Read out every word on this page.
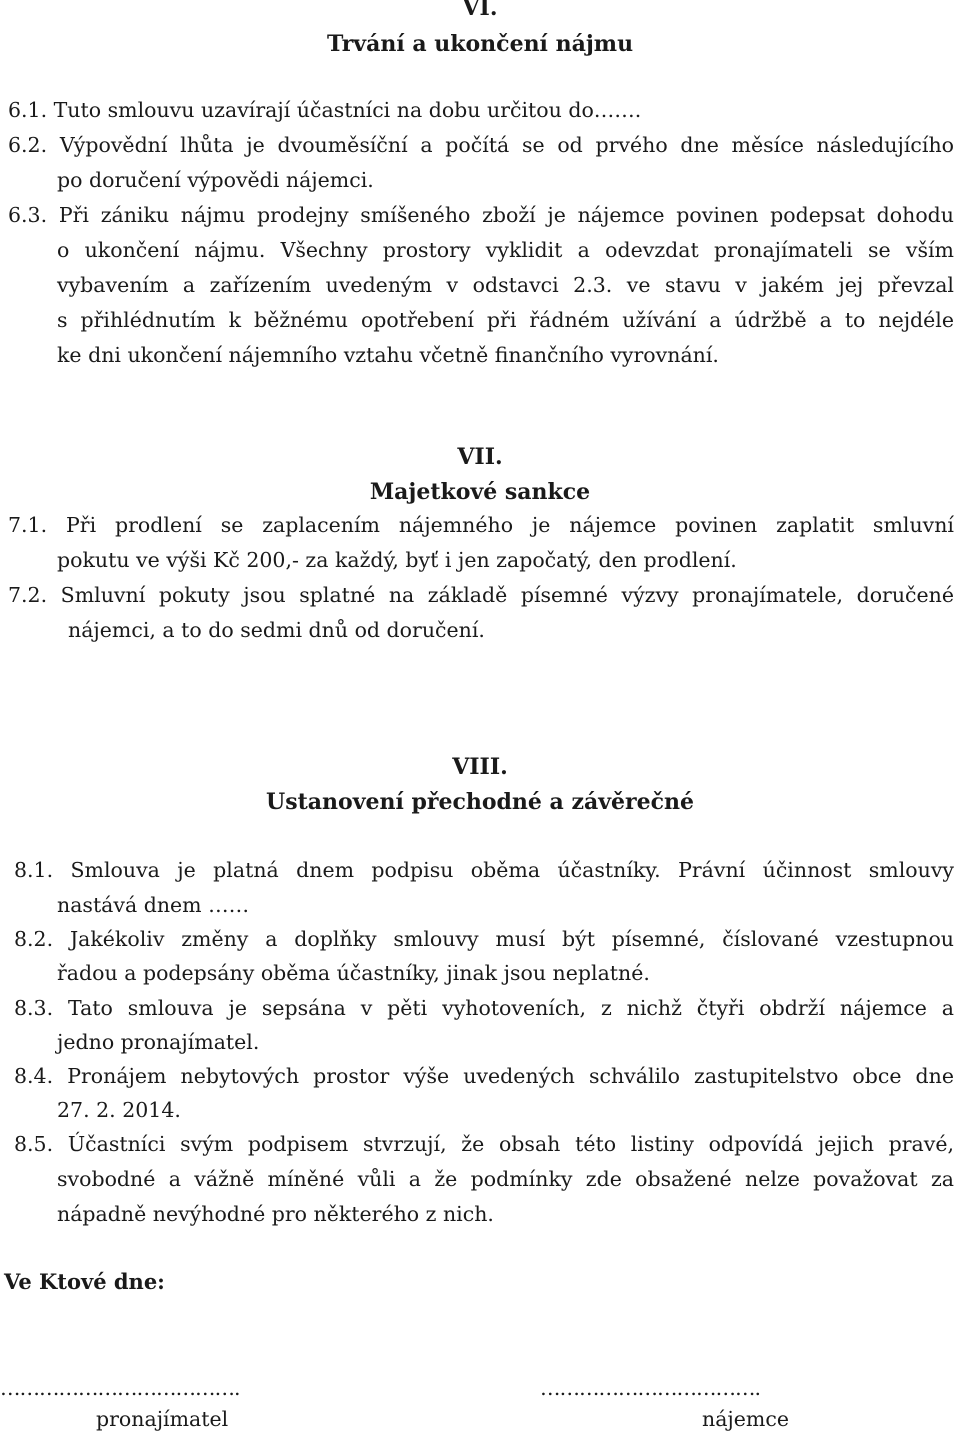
VI.
Trvání a ukončení nájmu
6.1. Tuto smlouvu uzavírají účastníci na dobu určitou do…….
6.2. Výpovědní lhůta je dvouměsíční a počítá se od prvého dne měsíce následujícího
po doručení výpovědi nájemci.
6.3. Při zániku nájmu prodejny smíšeného zboží je nájemce povinen podepsat dohodu
o ukončení nájmu. Všechny prostory vyklidit a odevzdat pronajímateli se vším
vybavením a zařízením uvedeným v odstavci 2.3. ve stavu v jakém jej převzal
s přihlédnutím k běžnému opotřebení při řádném užívání a údržbě a to nejdéle
ke dni ukončení nájemního vztahu včetně finančního vyrovnání.
VII.
Majetkové sankce
7.1. Při prodlení se zaplacením nájemného je nájemce povinen zaplatit smluvní
pokutu ve výši Kč 200,- za každý, byť i jen započatý, den prodlení.
7.2. Smluvní pokuty jsou splatné na základě písemné výzvy pronajímatele, doručené
nájemci, a to do sedmi dnů od doručení.
VIII.
Ustanovení přechodné a závěrečné
8.1. Smlouva je platná dnem podpisu oběma účastníky. Právní účinnost smlouvy
nastává dnem ……
8.2. Jakékoliv změny a doplňky smlouvy musí být písemné, číslované vzestupnou
řadou a podepsány oběma účastníky, jinak jsou neplatné.
8.3. Tato smlouva je sepsána v pěti vyhotoveních, z nichž čtyři obdrží nájemce a
jedno pronajímatel.
8.4. Pronájem nebytových prostor výše uvedených schválilo zastupitelstvo obce dne
27. 2. 2014.
8.5. Účastníci svým podpisem stvrzují, že obsah této listiny odpovídá jejich pravé,
svobodné a vážně míněné vůli a že podmínky zde obsažené nelze považovat za
nápadně nevýhodné pro některého z nich.
Ve Ktové dne:
……………………………….	…………………………….
pronajímatel	nájemce
